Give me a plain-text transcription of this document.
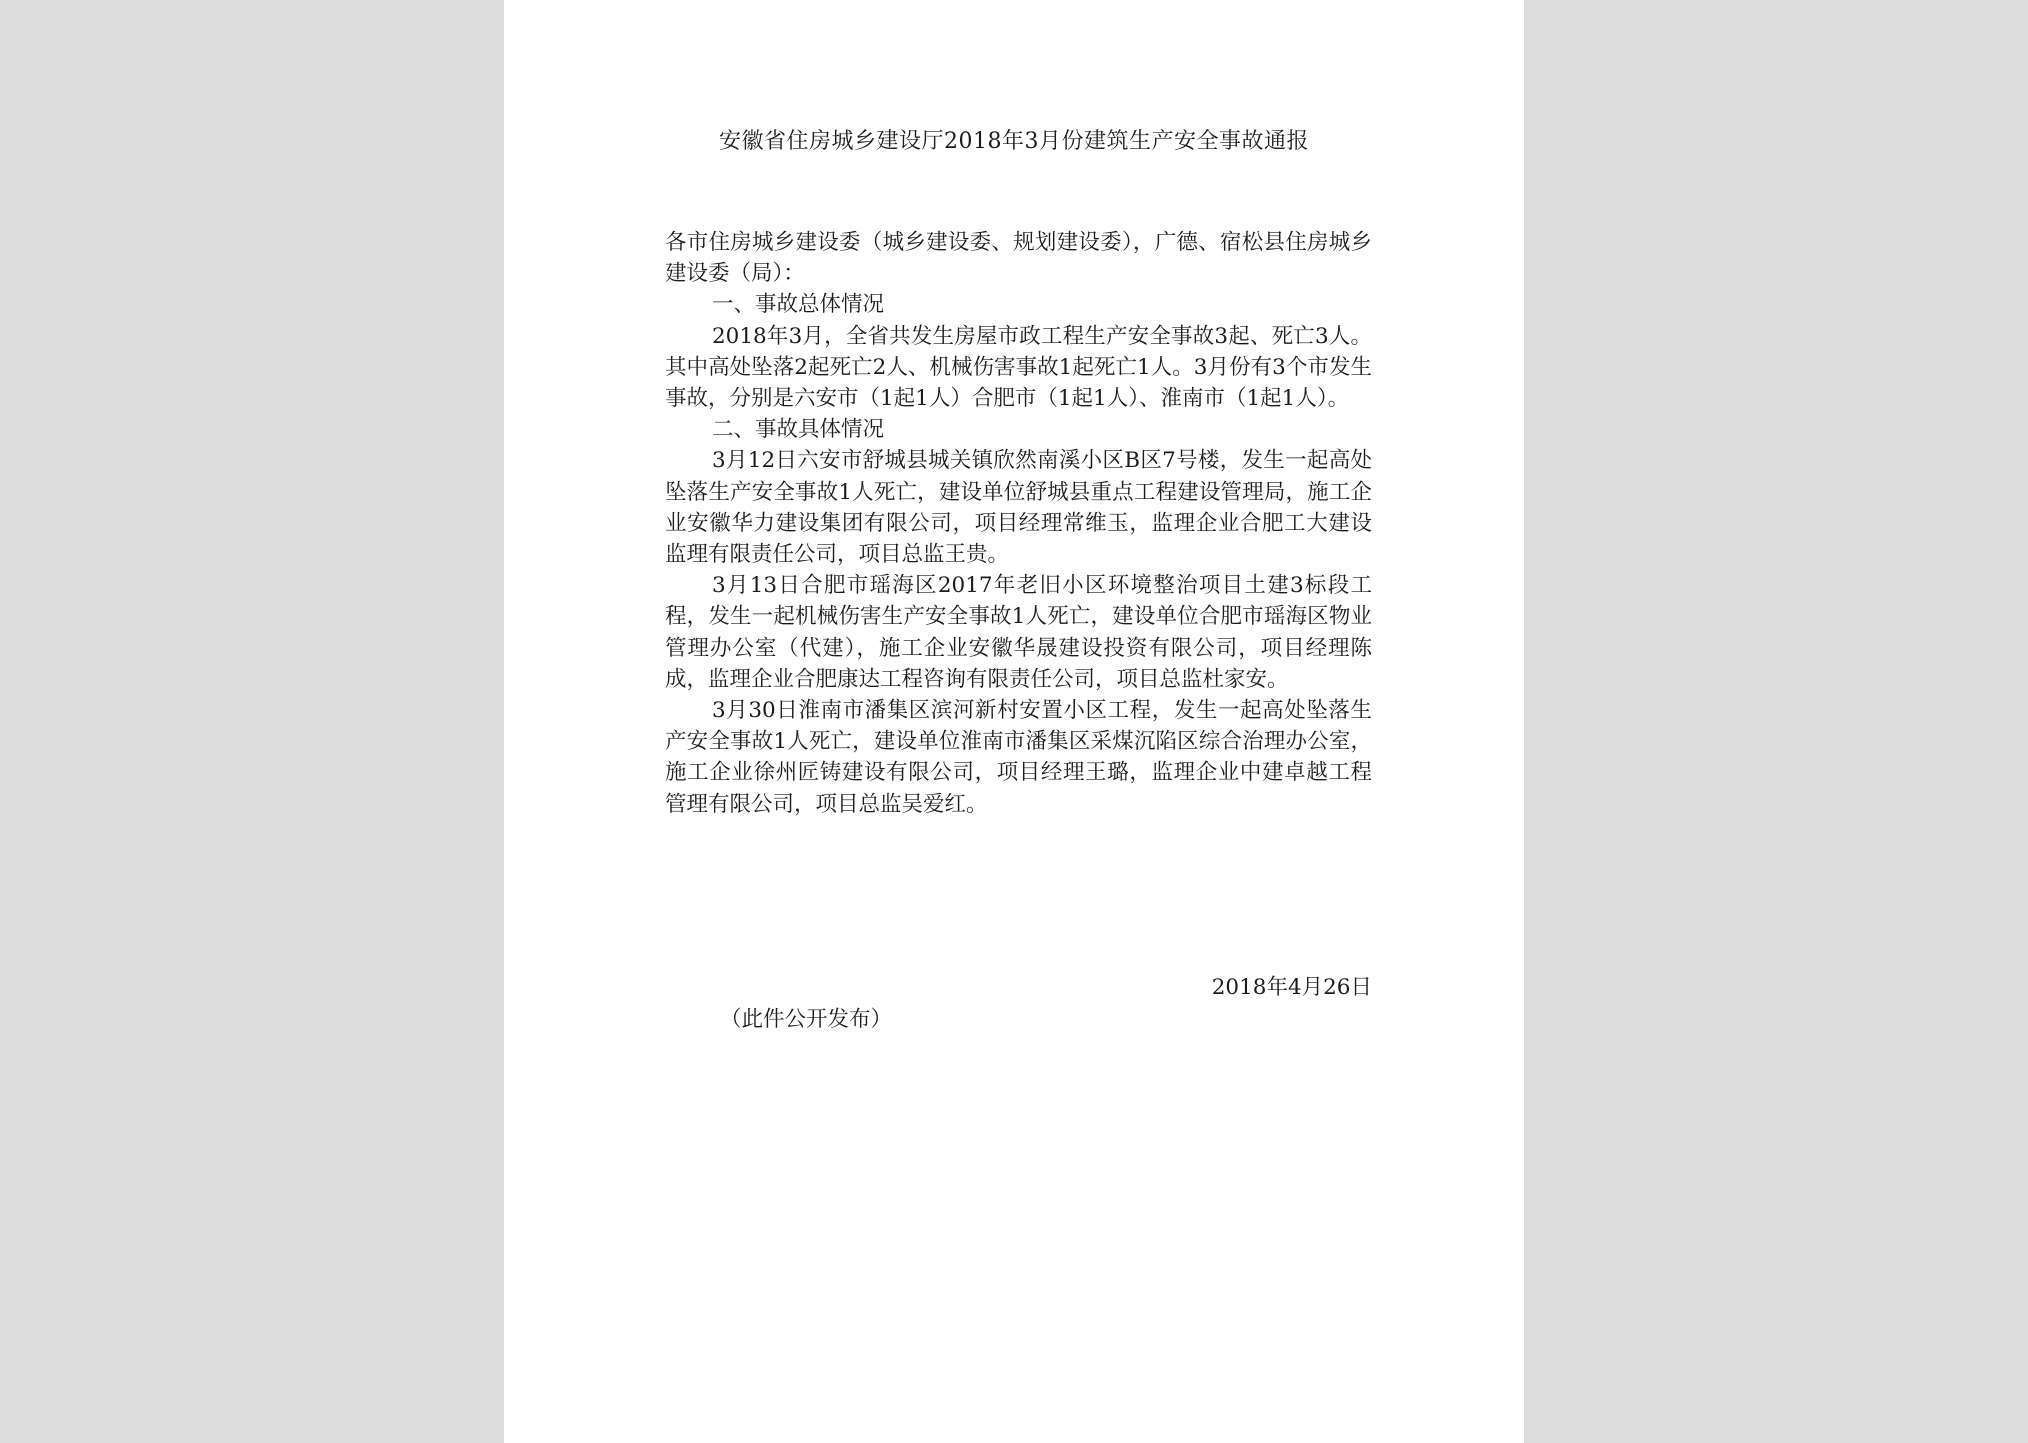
安徽省住房城乡建设厅2018年3月份建筑生产安全事故通报

各市住房城乡建设委（城乡建设委、规划建设委），广德、宿松县住房城乡建设委（局）：

一、事故总体情况

2018年3月，全省共发生房屋市政工程生产安全事故3起、死亡3人。其中高处坠落2起死亡2人、机械伤害事故1起死亡1人。3月份有3个市发生事故，分别是六安市（1起1人）合肥市（1起1人）、淮南市（1起1人）。

二、事故具体情况

3月12日六安市舒城县城关镇欣然南溪小区B区7号楼，发生一起高处坠落生产安全事故1人死亡，建设单位舒城县重点工程建设管理局，施工企业安徽华力建设集团有限公司，项目经理常维玉，监理企业合肥工大建设监理有限责任公司，项目总监王贵。

3月13日合肥市瑶海区2017年老旧小区环境整治项目土建3标段工程，发生一起机械伤害生产安全事故1人死亡，建设单位合肥市瑶海区物业管理办公室（代建），施工企业安徽华晟建设投资有限公司，项目经理陈成，监理企业合肥康达工程咨询有限责任公司，项目总监杜家安。

3月30日淮南市潘集区滨河新村安置小区工程，发生一起高处坠落生产安全事故1人死亡，建设单位淮南市潘集区采煤沉陷区综合治理办公室，施工企业徐州匠铸建设有限公司，项目经理王璐，监理企业中建卓越工程管理有限公司，项目总监吴爱红。

2018年4月26日
（此件公开发布）
